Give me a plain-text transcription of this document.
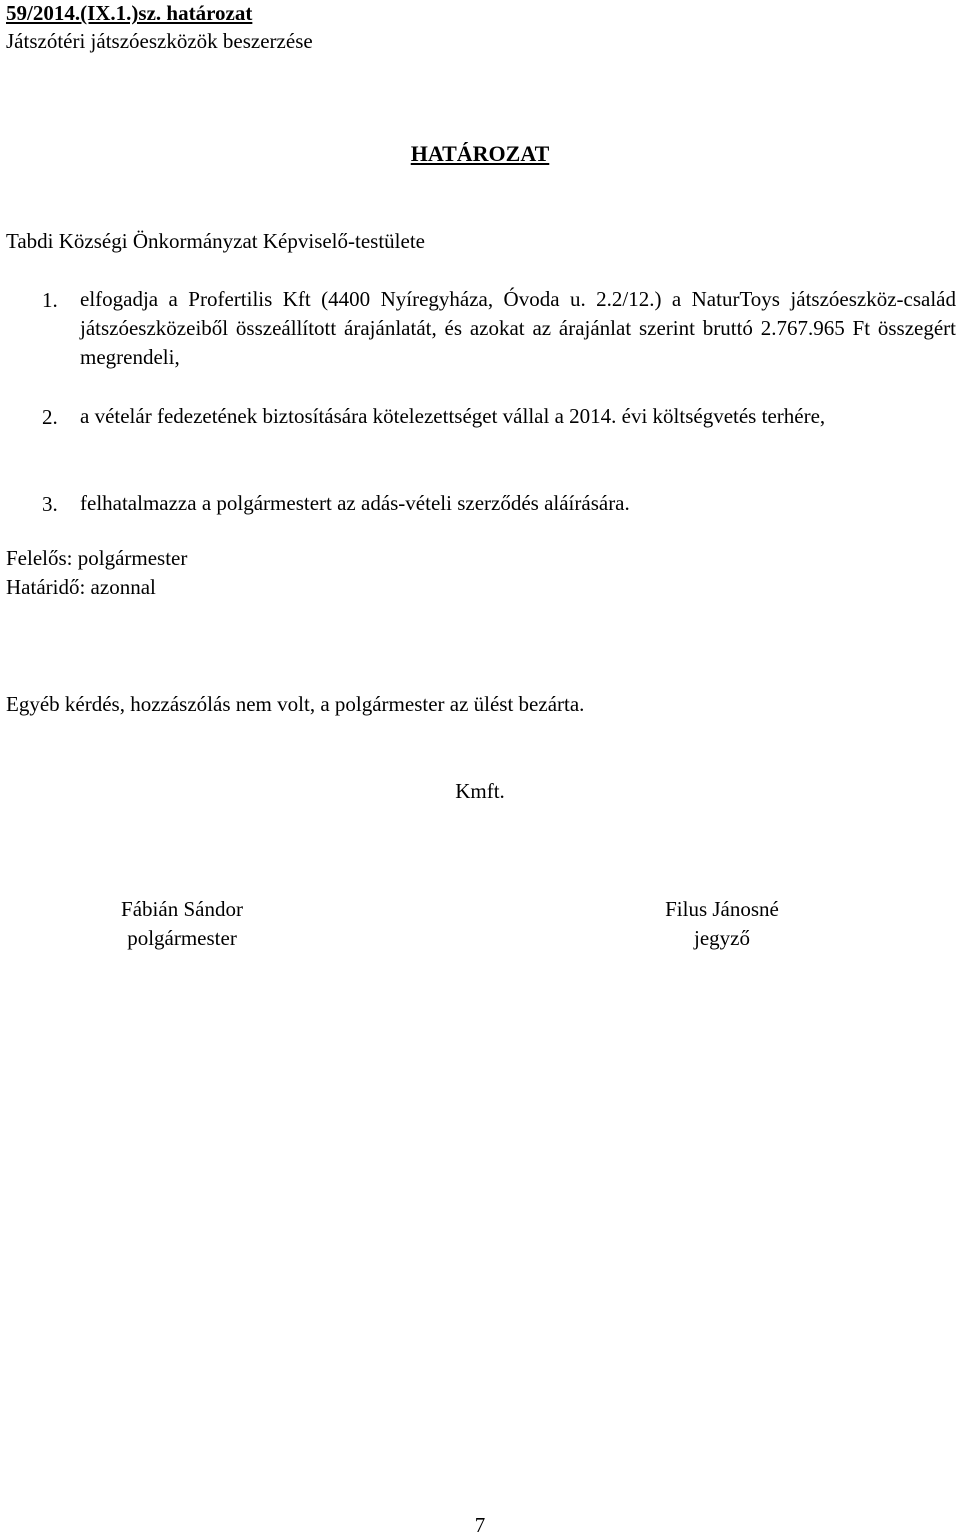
59/2014.(IX.1.)sz. határozat
Játszótéri játszóeszközök beszerzése
HATÁROZAT
Tabdi Községi Önkormányzat Képviselő-testülete
1. elfogadja a Profertilis Kft (4400 Nyíregyháza, Óvoda u. 2.2/12.) a NaturToys játszóeszköz-család játszóeszközeiből összeállított árajánlatát, és azokat az árajánlat szerint bruttó 2.767.965 Ft összegért megrendeli,
2. a vételár fedezetének biztosítására kötelezettséget vállal a 2014. évi költségvetés terhére,
3. felhatalmazza a polgármestert az adás-vételi szerződés aláírására.
Felelős: polgármester
Határidő: azonnal
Egyéb kérdés, hozzászólás nem volt, a polgármester az ülést bezárta.
Kmft.
Fábián Sándor
polgármester
Filus Jánosné
jegyző
7
